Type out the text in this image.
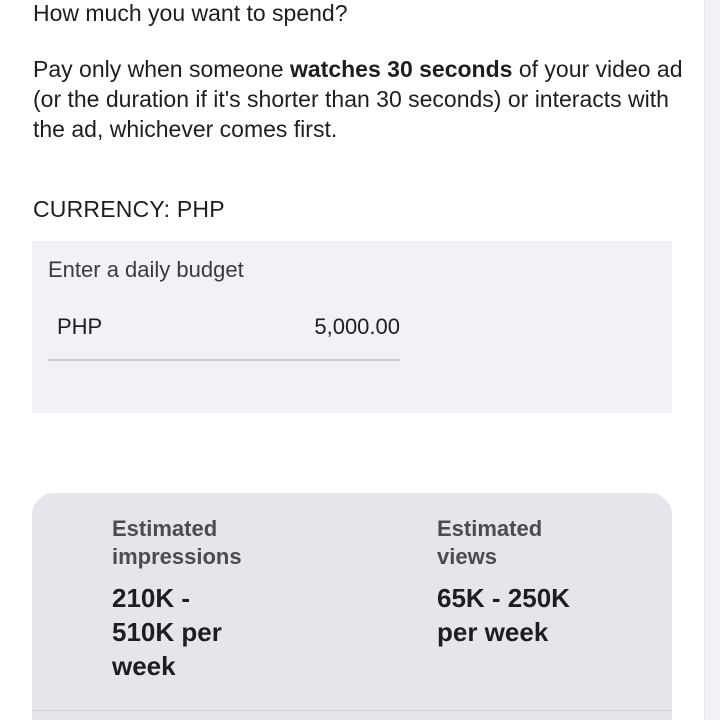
How much you want to spend?
Pay only when someone watches 30 seconds of your video ad (or the duration if it's shorter than 30 seconds) or interacts with the ad, whichever comes first.
CURRENCY: PHP
Enter a daily budget
PHP
5,000.00
Estimated impressions
210K - 510K per week
Estimated views
65K - 250K per week
